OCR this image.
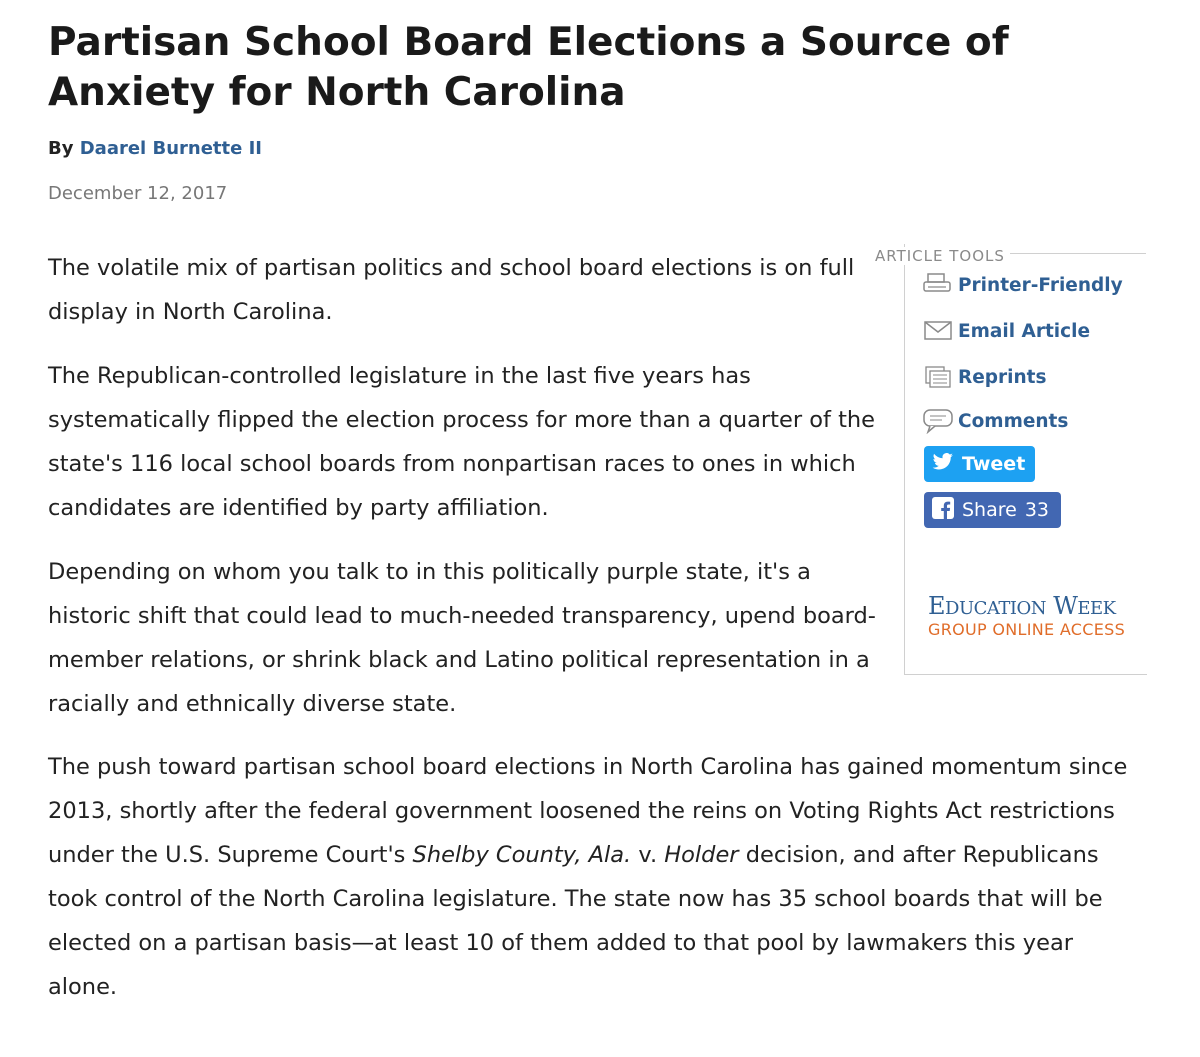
Partisan School Board Elections a Source of Anxiety for North Carolina

By Daarel Burnette II

December 12, 2017

The volatile mix of partisan politics and school board elections is on full display in North Carolina.

The Republican-controlled legislature in the last five years has systematically flipped the election process for more than a quarter of the state's 116 local school boards from nonpartisan races to ones in which candidates are identified by party affiliation.

Depending on whom you talk to in this politically purple state, it's a historic shift that could lead to much-needed transparency, upend board-member relations, or shrink black and Latino political representation in a racially and ethnically diverse state.

The push toward partisan school board elections in North Carolina has gained momentum since 2013, shortly after the federal government loosened the reins on Voting Rights Act restrictions under the U.S. Supreme Court's Shelby County, Ala. v. Holder decision, and after Republicans took control of the North Carolina legislature. The state now has 35 school boards that will be elected on a partisan basis—at least 10 of them added to that pool by lawmakers this year alone.

ARTICLE TOOLS

Printer-Friendly
Email Article
Reprints
Comments
Tweet
Share 33
EDUCATION WEEK
GROUP ONLINE ACCESS
